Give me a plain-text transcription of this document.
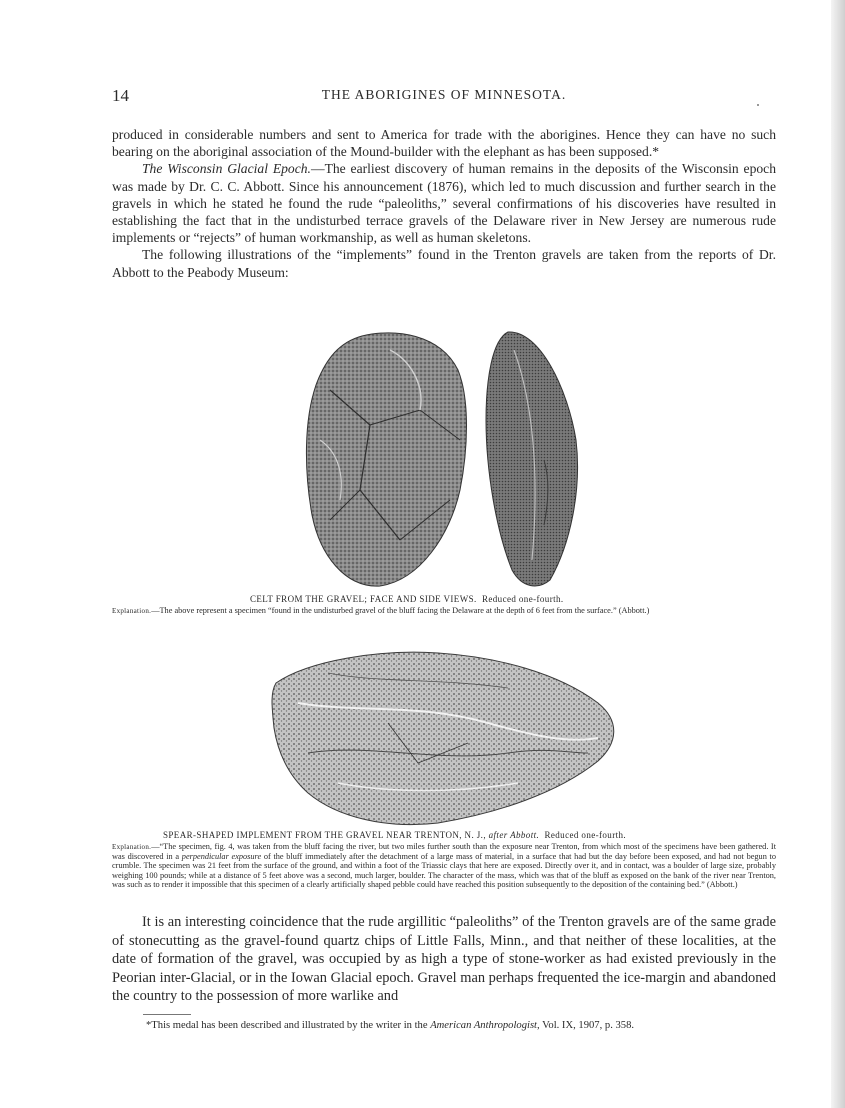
14	THE ABORIGINES OF MINNESOTA.

produced in considerable numbers and sent to America for trade with the aborigines. Hence they can have no such bearing on the aboriginal association of the Mound-builder with the elephant as has been supposed.*

The Wisconsin Glacial Epoch.—The earliest discovery of human remains in the deposits of the Wisconsin epoch was made by Dr. C. C. Abbott. Since his announcement (1876), which led to much discussion and further search in the gravels in which he stated he found the rude “paleoliths,” several confirmations of his discoveries have resulted in establishing the fact that in the undisturbed terrace gravels of the Delaware river in New Jersey are numerous rude implements or “rejects” of human workmanship, as well as human skeletons.

The following illustrations of the “implements” found in the Trenton gravels are taken from the reports of Dr. Abbott to the Peabody Museum:

CELT FROM THE GRAVEL; FACE AND SIDE VIEWS. Reduced one-fourth.

Explanation.—The above represent a specimen “found in the undisturbed gravel of the bluff facing the Delaware at the depth of 6 feet from the surface.” (Abbott.)

SPEAR-SHAPED IMPLEMENT FROM THE GRAVEL NEAR TRENTON, N. J., after Abbott. Reduced one-fourth.

Explanation.—“The specimen, fig. 4, was taken from the bluff facing the river, but two miles further south than the exposure near Trenton, from which most of the specimens have been gathered. It was discovered in a perpendicular exposure of the bluff immediately after the detachment of a large mass of material, in a surface that had but the day before been exposed, and had not begun to crumble. The specimen was 21 feet from the surface of the ground, and within a foot of the Triassic clays that here are exposed. Directly over it, and in contact, was a boulder of large size, probably weighing 100 pounds; while at a distance of 5 feet above was a second, much larger, boulder. The character of the mass, which was that of the bluff as exposed on the bank of the river near Trenton, was such as to render it impossible that this specimen of a clearly artificially shaped pebble could have reached this position subsequently to the deposition of the containing bed.” (Abbott.)

It is an interesting coincidence that the rude argillitic “paleoliths” of the Trenton gravels are of the same grade of stonecutting as the gravel-found quartz chips of Little Falls, Minn., and that neither of these localities, at the date of formation of the gravel, was occupied by as high a type of stone-worker as had existed previously in the Peorian inter-Glacial, or in the Iowan Glacial epoch. Gravel man perhaps frequented the ice-margin and abandoned the country to the possession of more warlike and

*This medal has been described and illustrated by the writer in the American Anthropologist, Vol. IX, 1907, p. 358.
